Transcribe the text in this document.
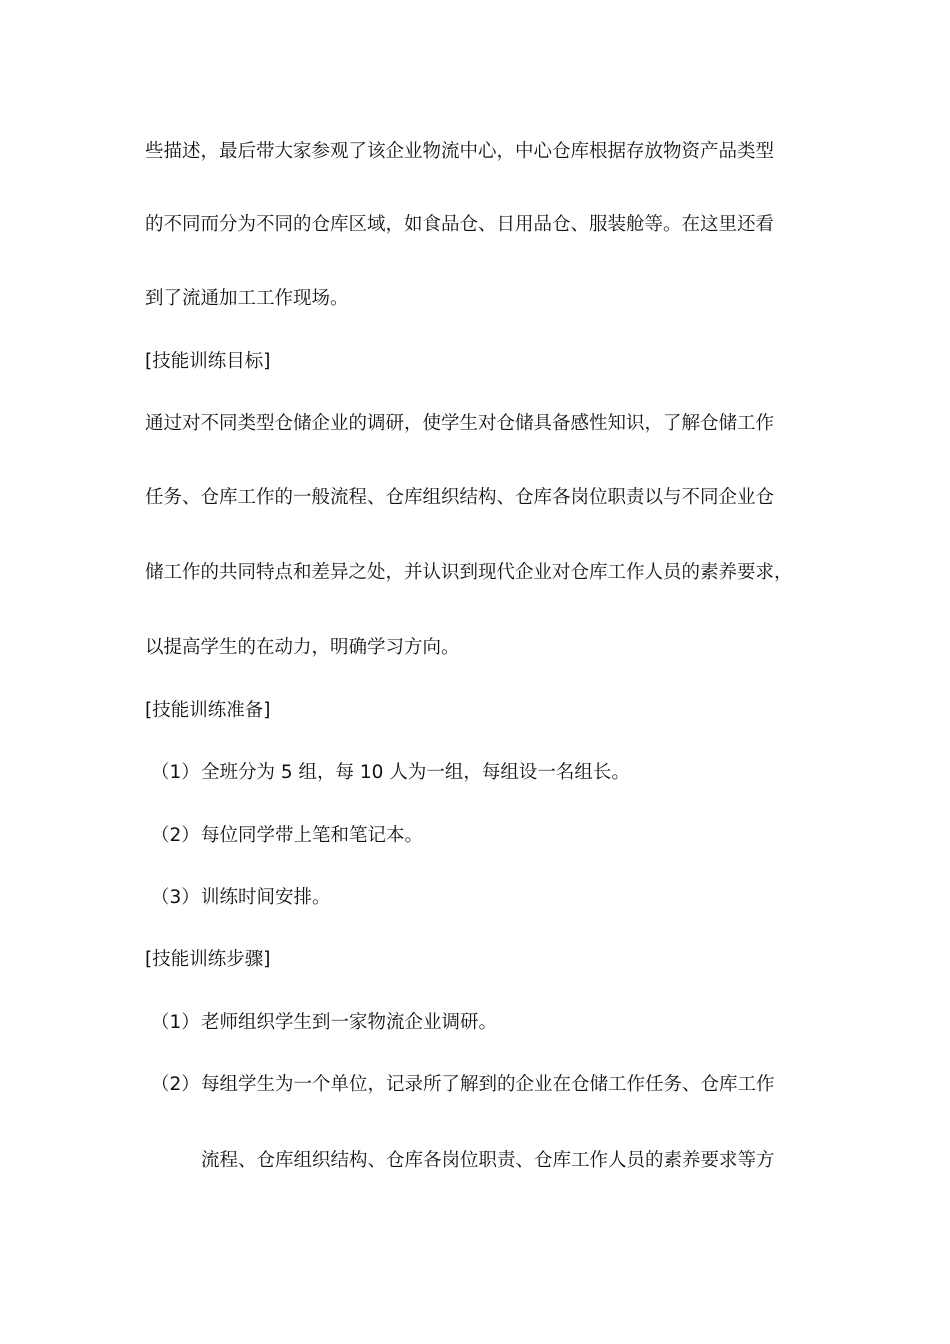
些描述，最后带大家参观了该企业物流中心，中心仓库根据存放物资产品类型
的不同而分为不同的仓库区域，如食品仓、日用品仓、服装舱等。在这里还看
到了流通加工工作现场。
[技能训练目标]
通过对不同类型仓储企业的调研，使学生对仓储具备感性知识，了解仓储工作
任务、仓库工作的一般流程、仓库组织结构、仓库各岗位职责以与不同企业仓
储工作的共同特点和差异之处，并认识到现代企业对仓库工作人员的素养要求，
以提高学生的在动力，明确学习方向。
[技能训练准备]
（1）全班分为 5 组，每 10 人为一组，每组设一名组长。
（2）每位同学带上笔和笔记本。
（3）训练时间安排。
[技能训练步骤]
（1）老师组织学生到一家物流企业调研。
（2）每组学生为一个单位，记录所了解到的企业在仓储工作任务、仓库工作
流程、仓库组织结构、仓库各岗位职责、仓库工作人员的素养要求等方
